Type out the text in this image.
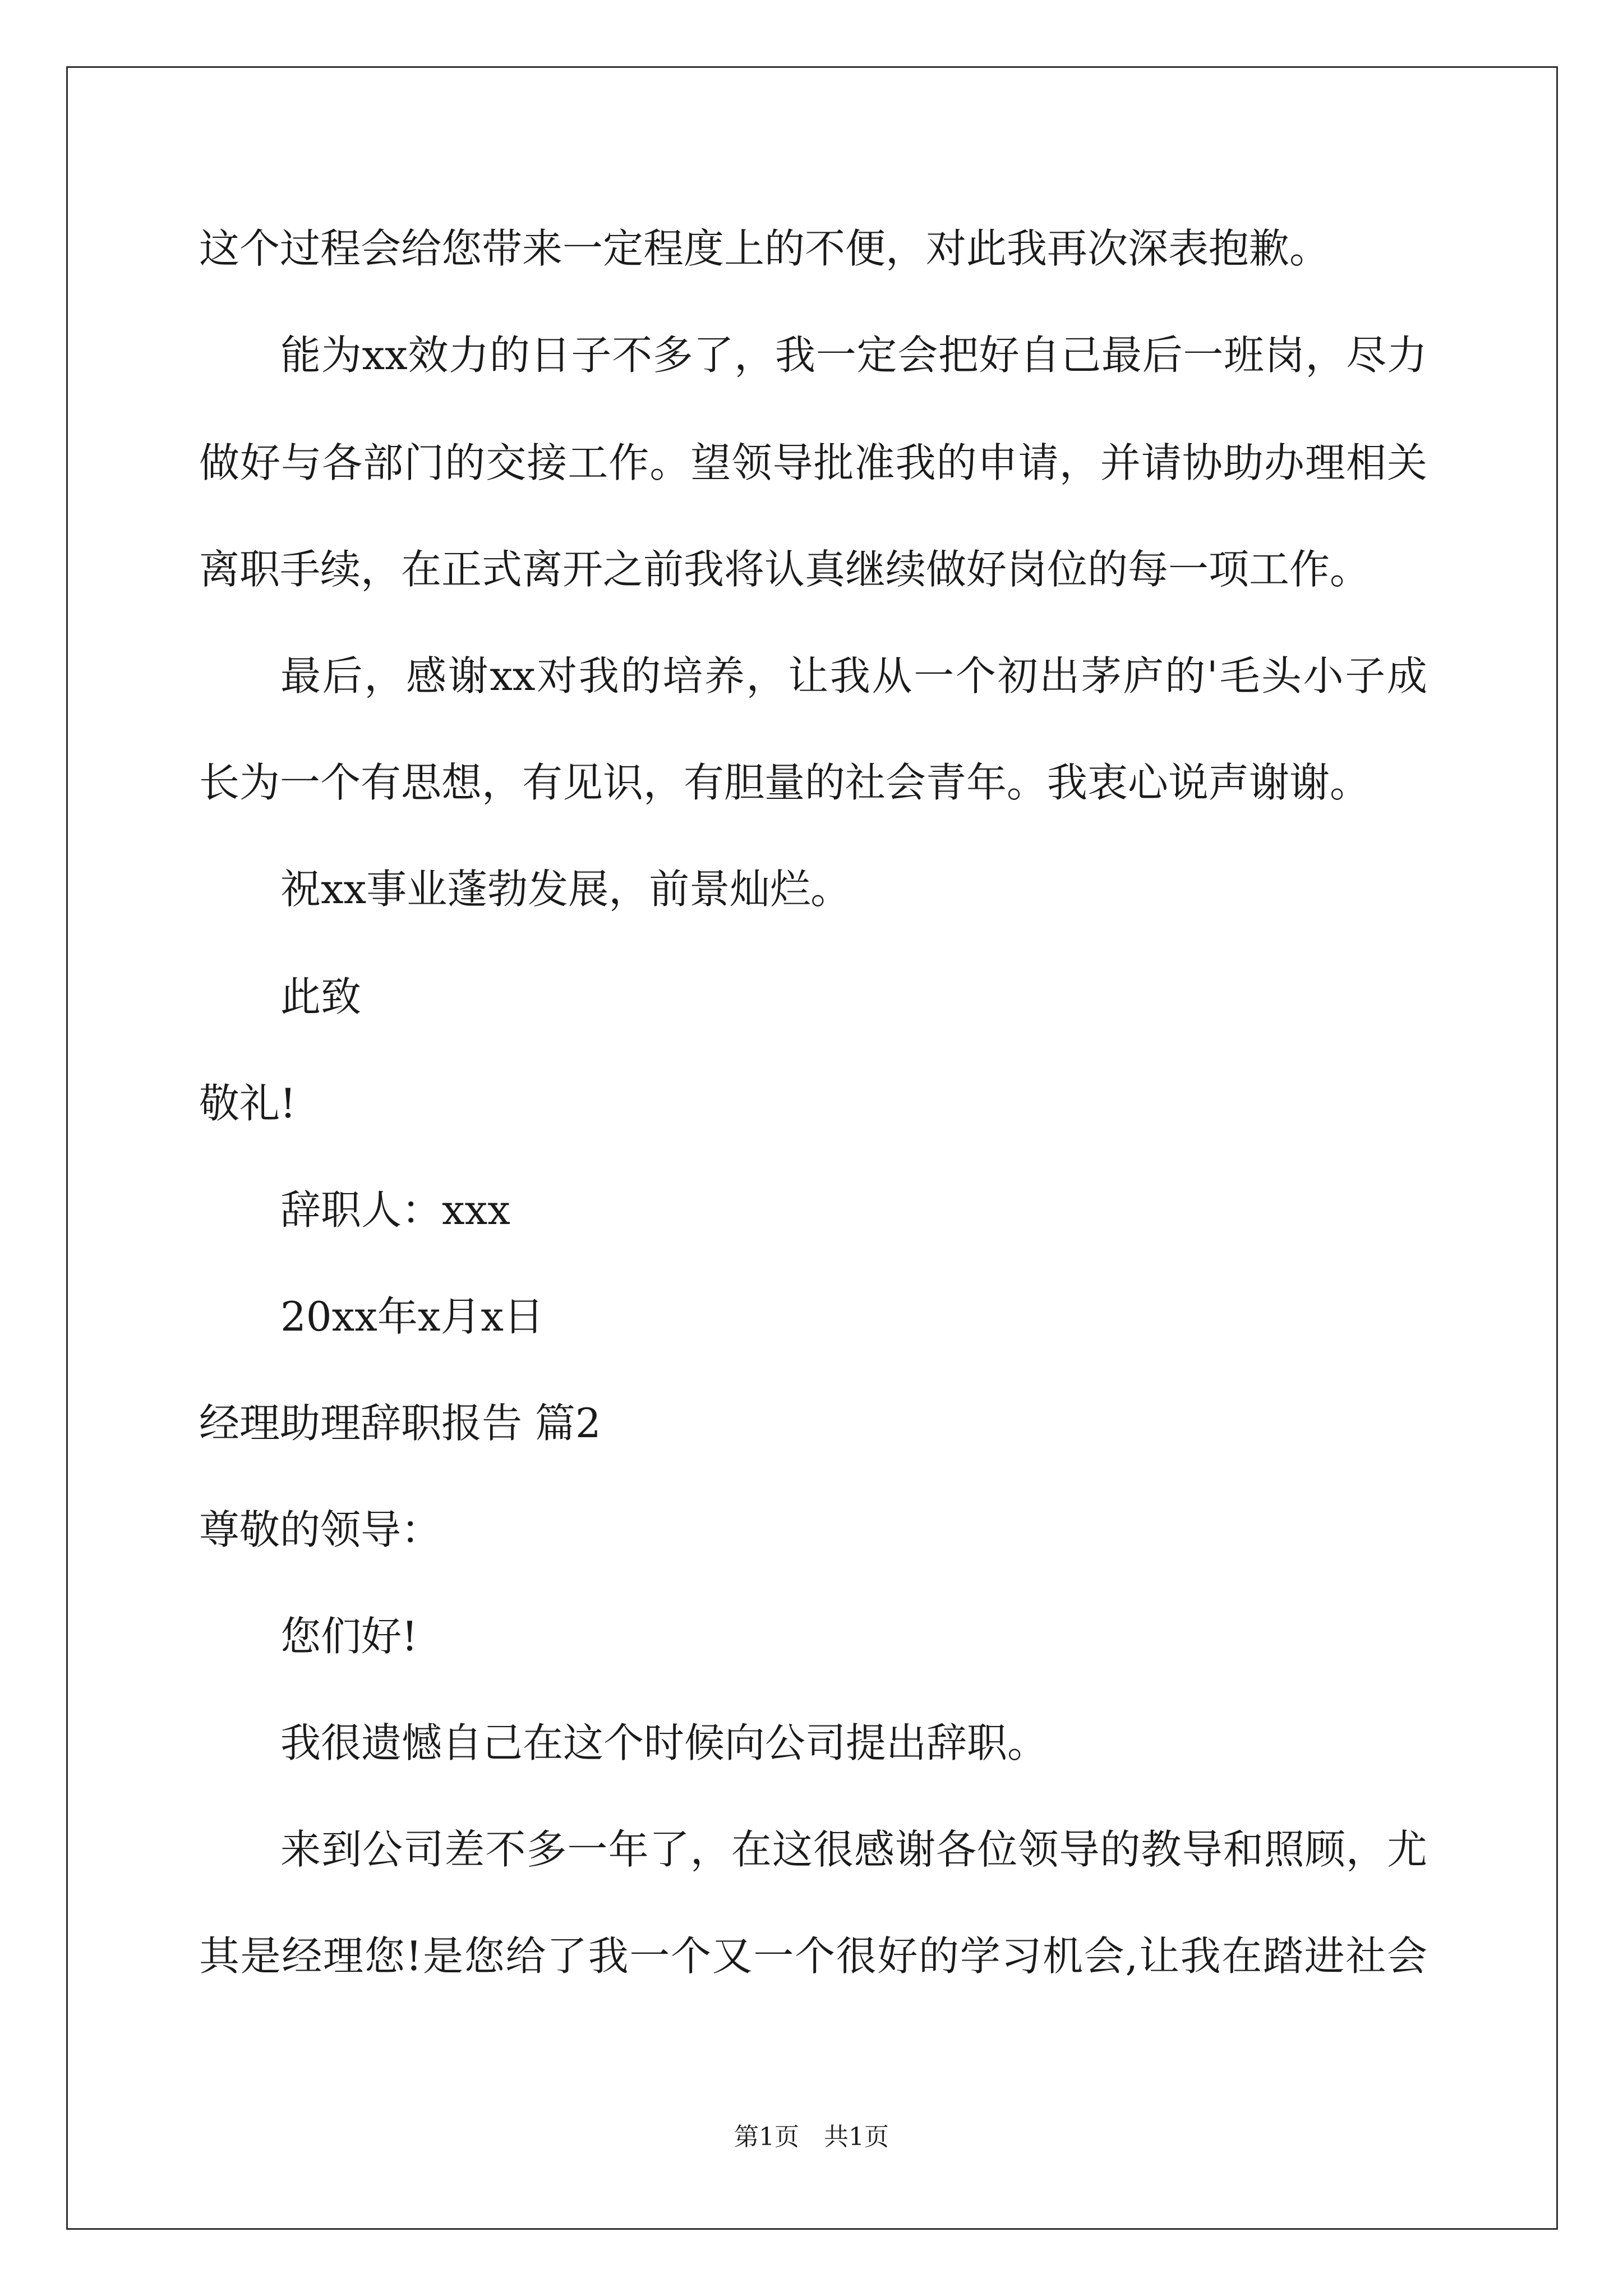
这个过程会给您带来一定程度上的不便，对此我再次深表抱歉。
能为xx效力的日子不多了，我一定会把好自己最后一班岗，尽力
做好与各部门的交接工作。望领导批准我的申请，并请协助办理相关
离职手续，在正式离开之前我将认真继续做好岗位的每一项工作。
最后，感谢xx对我的培养，让我从一个初出茅庐的'毛头小子成
长为一个有思想，有见识，有胆量的社会青年。我衷心说声谢谢。
祝xx事业蓬勃发展，前景灿烂。
此致
敬礼!
辞职人：xxx
20xx年x月x日
经理助理辞职报告 篇2
尊敬的领导：
您们好!
我很遗憾自己在这个时候向公司提出辞职。
来到公司差不多一年了，在这很感谢各位领导的教导和照顾，尤
其是经理您!是您给了我一个又一个很好的学习机会,让我在踏进社会
第1页　共1页
